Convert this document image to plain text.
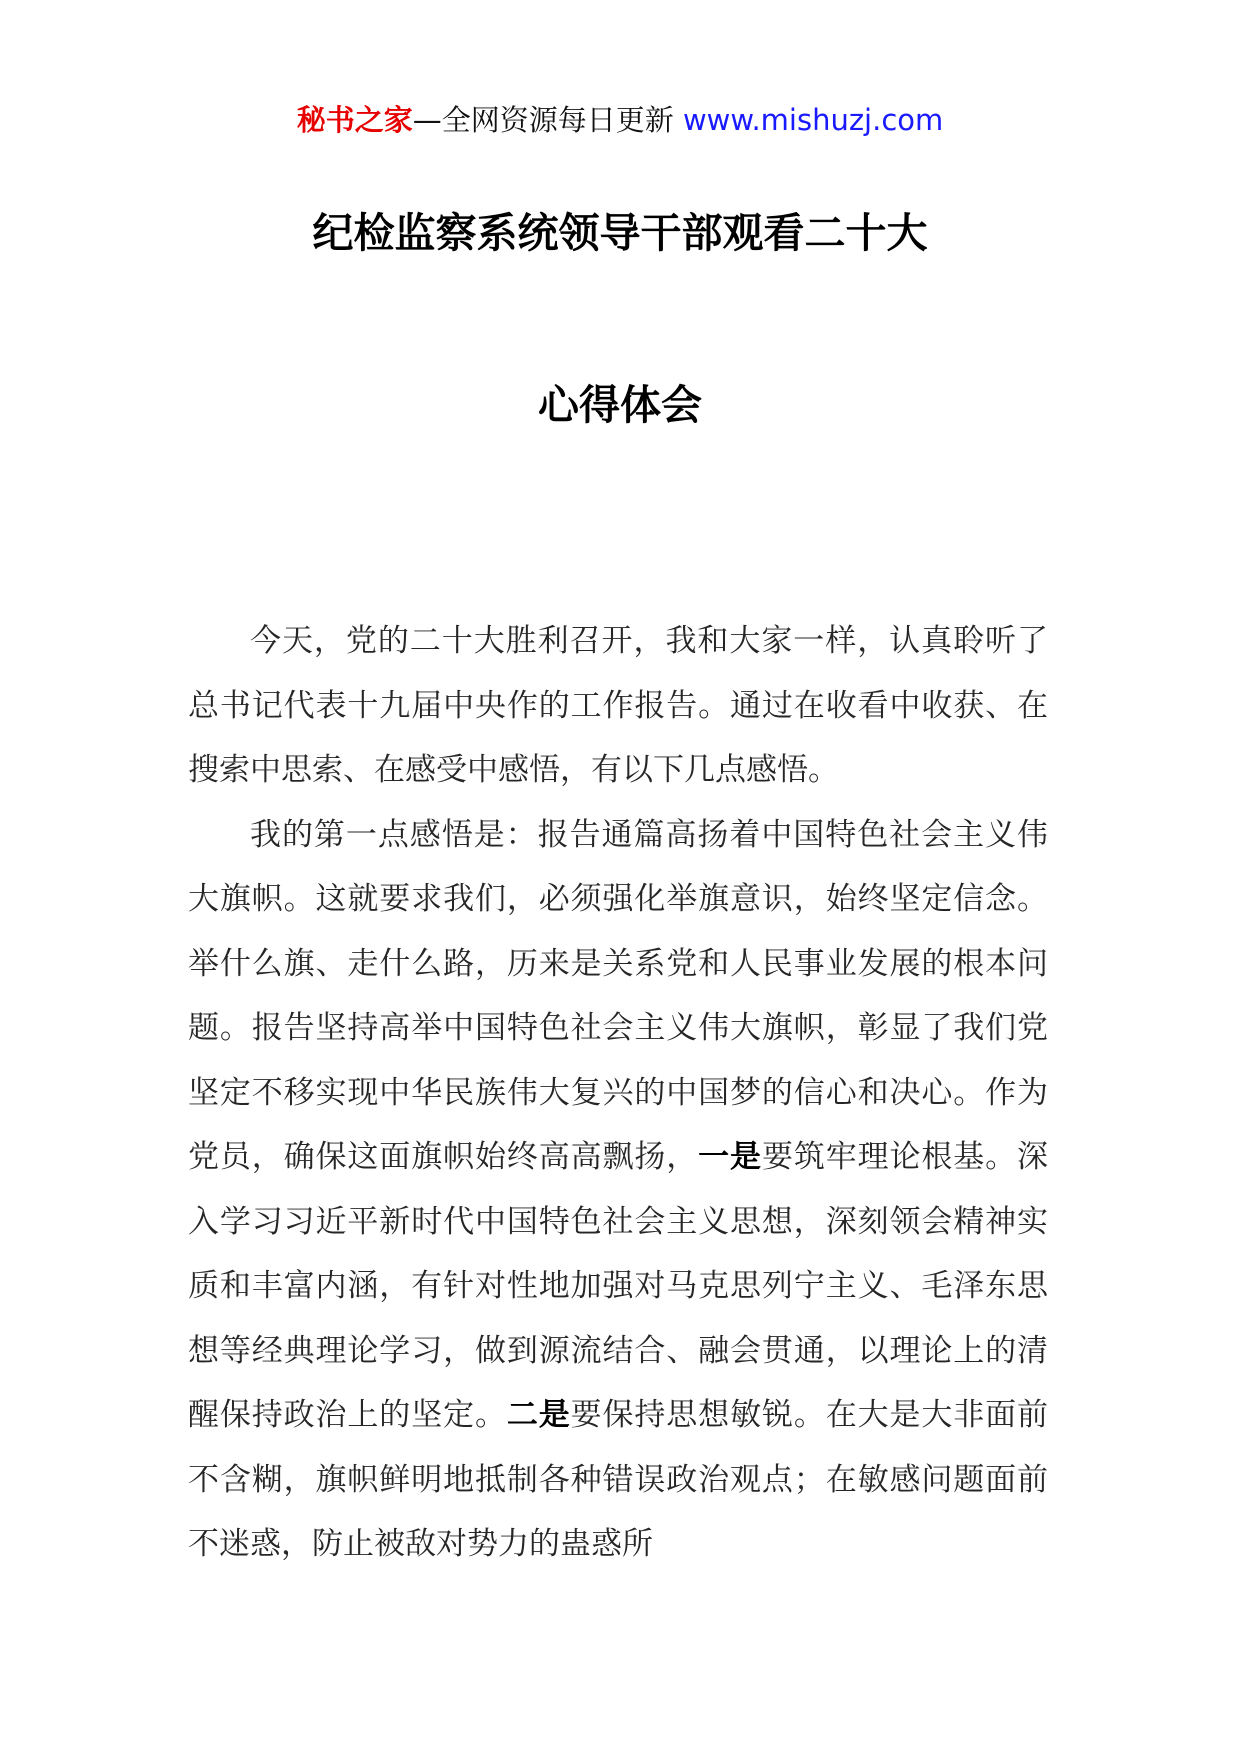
秘书之家—全网资源每日更新 www.mishuzj.com
纪检监察系统领导干部观看二十大
心得体会

今天，党的二十大胜利召开，我和大家一样，认真聆听了总书记代表十九届中央作的工作报告。通过在收看中收获、在搜索中思索、在感受中感悟，有以下几点感悟。

我的第一点感悟是：报告通篇高扬着中国特色社会主义伟大旗帜。这就要求我们，必须强化举旗意识，始终坚定信念。举什么旗、走什么路，历来是关系党和人民事业发展的根本问题。报告坚持高举中国特色社会主义伟大旗帜，彰显了我们党坚定不移实现中华民族伟大复兴的中国梦的信心和决心。作为党员，确保这面旗帜始终高高飘扬，一是要筑牢理论根基。深入学习习近平新时代中国特色社会主义思想，深刻领会精神实质和丰富内涵，有针对性地加强对马克思列宁主义、毛泽东思想等经典理论学习，做到源流结合、融会贯通，以理论上的清醒保持政治上的坚定。二是要保持思想敏锐。在大是大非面前不含糊，旗帜鲜明地抵制各种错误政治观点；在敏感问题面前不迷惑，防止被敌对势力的蛊惑所
